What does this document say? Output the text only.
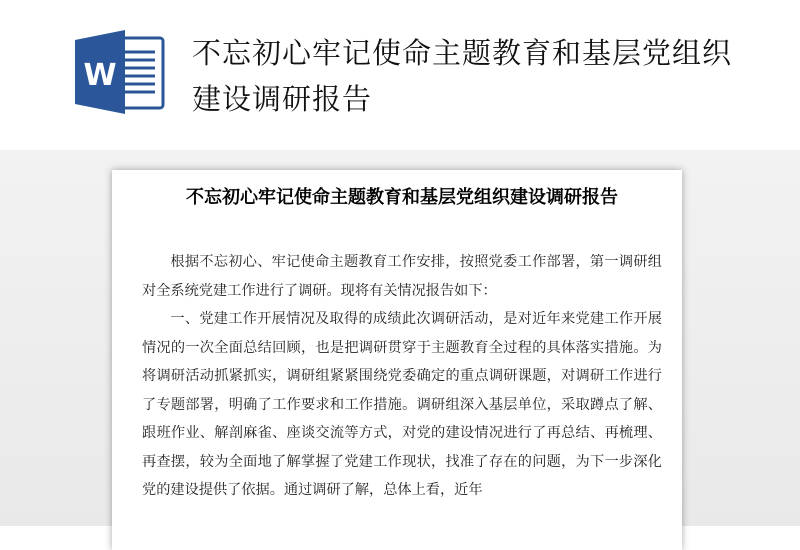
W
不忘初心牢记使命主题教育和基层党组织建设调研报告
不忘初心牢记使命主题教育和基层党组织建设调研报告

根据不忘初心、牢记使命主题教育工作安排，按照党委工作部署，第一调研组对全系统党建工作进行了调研。现将有关情况报告如下：

一、党建工作开展情况及取得的成绩此次调研活动，是对近年来党建工作开展情况的一次全面总结回顾，也是把调研贯穿于主题教育全过程的具体落实措施。为将调研活动抓紧抓实，调研组紧紧围绕党委确定的重点调研课题，对调研工作进行了专题部署，明确了工作要求和工作措施。调研组深入基层单位，采取蹲点了解、跟班作业、解剖麻雀、座谈交流等方式，对党的建设情况进行了再总结、再梳理、再查摆，较为全面地了解掌握了党建工作现状，找准了存在的问题，为下一步深化党的建设提供了依据。通过调研了解，总体上看，近年
